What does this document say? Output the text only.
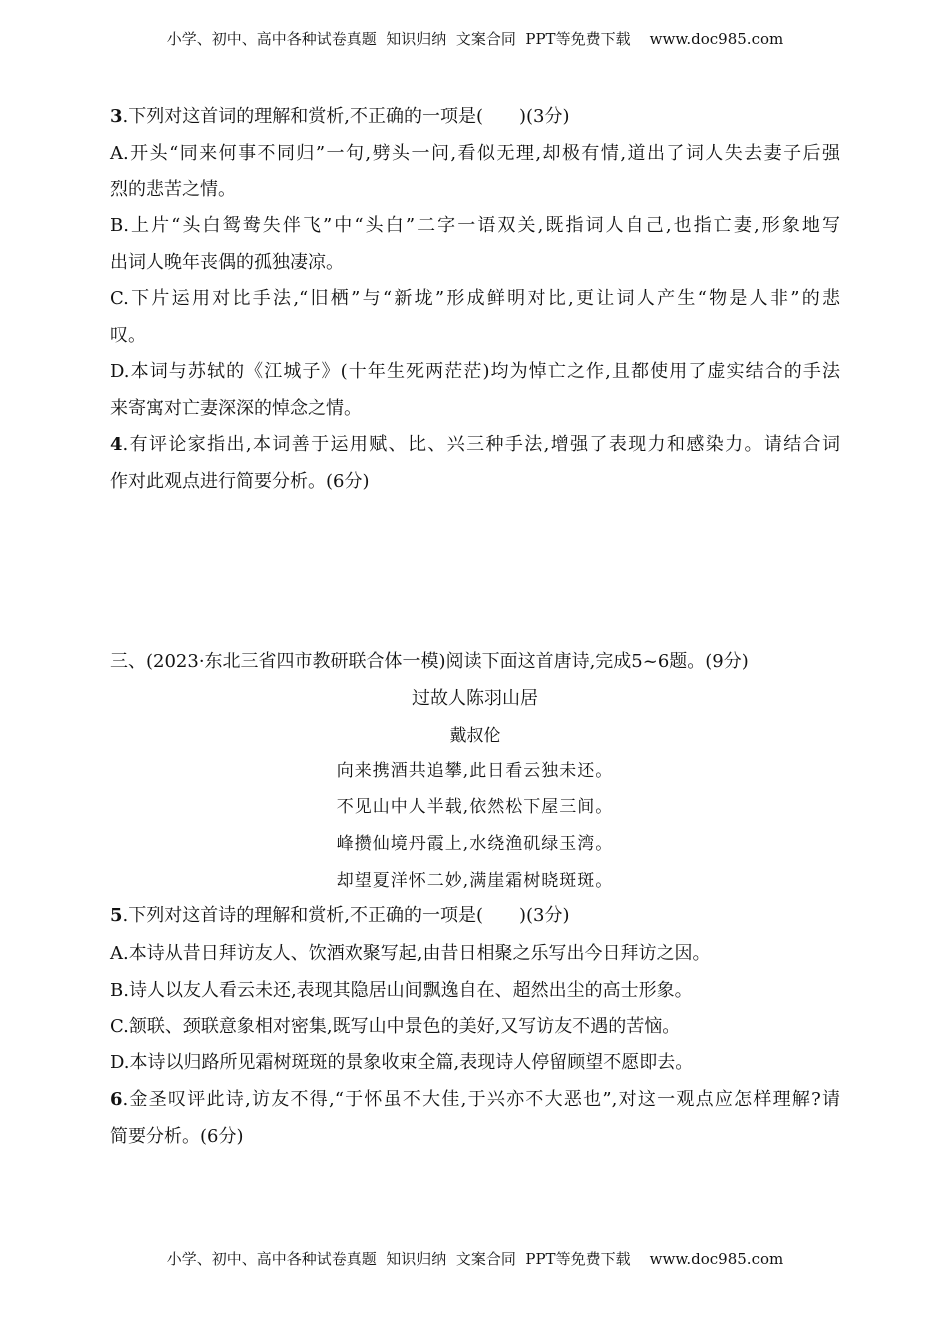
小学、初中、高中各种试卷真题  知识归纳  文案合同  PPT等免费下载    www.doc985.com
3.下列对这首词的理解和赏析,不正确的一项是(　　)(3分)
A.开头“同来何事不同归”一句,劈头一问,看似无理,却极有情,道出了词人失去妻子后强
烈的悲苦之情。
B.上片“头白鸳鸯失伴飞”中“头白”二字一语双关,既指词人自己,也指亡妻,形象地写
出词人晚年丧偶的孤独凄凉。
C.下片运用对比手法,“旧栖”与“新垅”形成鲜明对比,更让词人产生“物是人非”的悲
叹。
D.本词与苏轼的《江城子》(十年生死两茫茫)均为悼亡之作,且都使用了虚实结合的手法
来寄寓对亡妻深深的悼念之情。
4.有评论家指出,本词善于运用赋、比、兴三种手法,增强了表现力和感染力。请结合词
作对此观点进行简要分析。(6分)
三、(2023·东北三省四市教研联合体一模)阅读下面这首唐诗,完成5~6题。(9分)
过故人陈羽山居
戴叔伦
向来携酒共追攀,此日看云独未还。
不见山中人半载,依然松下屋三间。
峰攒仙境丹霞上,水绕渔矶绿玉湾。
却望夏洋怀二妙,满崖霜树晓斑斑。
5.下列对这首诗的理解和赏析,不正确的一项是(　　)(3分)
A.本诗从昔日拜访友人、饮酒欢聚写起,由昔日相聚之乐写出今日拜访之因。
B.诗人以友人看云未还,表现其隐居山间飘逸自在、超然出尘的高士形象。
C.颔联、颈联意象相对密集,既写山中景色的美好,又写访友不遇的苦恼。
D.本诗以归路所见霜树斑斑的景象收束全篇,表现诗人停留顾望不愿即去。
6.金圣叹评此诗,访友不得,“于怀虽不大佳,于兴亦不大恶也”,对这一观点应怎样理解?请
简要分析。(6分)
小学、初中、高中各种试卷真题  知识归纳  文案合同  PPT等免费下载    www.doc985.com
